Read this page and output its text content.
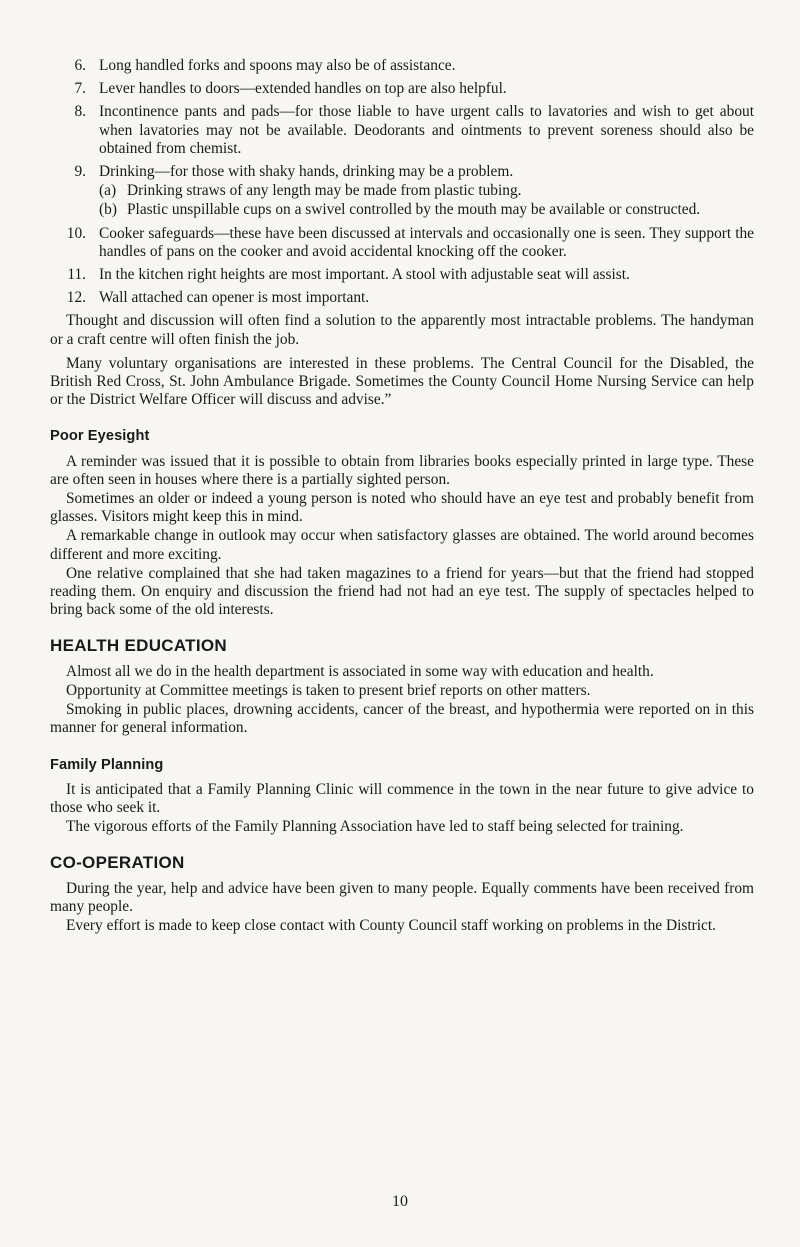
6. Long handled forks and spoons may also be of assistance.
7. Lever handles to doors—extended handles on top are also helpful.
8. Incontinence pants and pads—for those liable to have urgent calls to lavatories and wish to get about when lavatories may not be available. Deodorants and ointments to prevent soreness should also be obtained from chemist.
9. Drinking—for those with shaky hands, drinking may be a problem.
(a) Drinking straws of any length may be made from plastic tubing.
(b) Plastic unspillable cups on a swivel controlled by the mouth may be available or constructed.
10. Cooker safeguards—these have been discussed at intervals and occasionally one is seen. They support the handles of pans on the cooker and avoid accidental knocking off the cooker.
11. In the kitchen right heights are most important. A stool with adjustable seat will assist.
12. Wall attached can opener is most important.

Thought and discussion will often find a solution to the apparently most intractable problems. The handyman or a craft centre will often finish the job.

Many voluntary organisations are interested in these problems. The Central Council for the Disabled, the British Red Cross, St. John Ambulance Brigade. Sometimes the County Council Home Nursing Service can help or the District Welfare Officer will discuss and advise.”

Poor Eyesight

A reminder was issued that it is possible to obtain from libraries books especially printed in large type. These are often seen in houses where there is a partially sighted person.

Sometimes an older or indeed a young person is noted who should have an eye test and probably benefit from glasses. Visitors might keep this in mind.

A remarkable change in outlook may occur when satisfactory glasses are obtained. The world around becomes different and more exciting.

One relative complained that she had taken magazines to a friend for years—but that the friend had stopped reading them. On enquiry and discussion the friend had not had an eye test. The supply of spectacles helped to bring back some of the old interests.

HEALTH EDUCATION

Almost all we do in the health department is associated in some way with education and health.

Opportunity at Committee meetings is taken to present brief reports on other matters.

Smoking in public places, drowning accidents, cancer of the breast, and hypothermia were reported on in this manner for general information.

Family Planning

It is anticipated that a Family Planning Clinic will commence in the town in the near future to give advice to those who seek it.

The vigorous efforts of the Family Planning Association have led to staff being selected for training.

CO-OPERATION

During the year, help and advice have been given to many people. Equally comments have been received from many people.

Every effort is made to keep close contact with County Council staff working on problems in the District.

10
